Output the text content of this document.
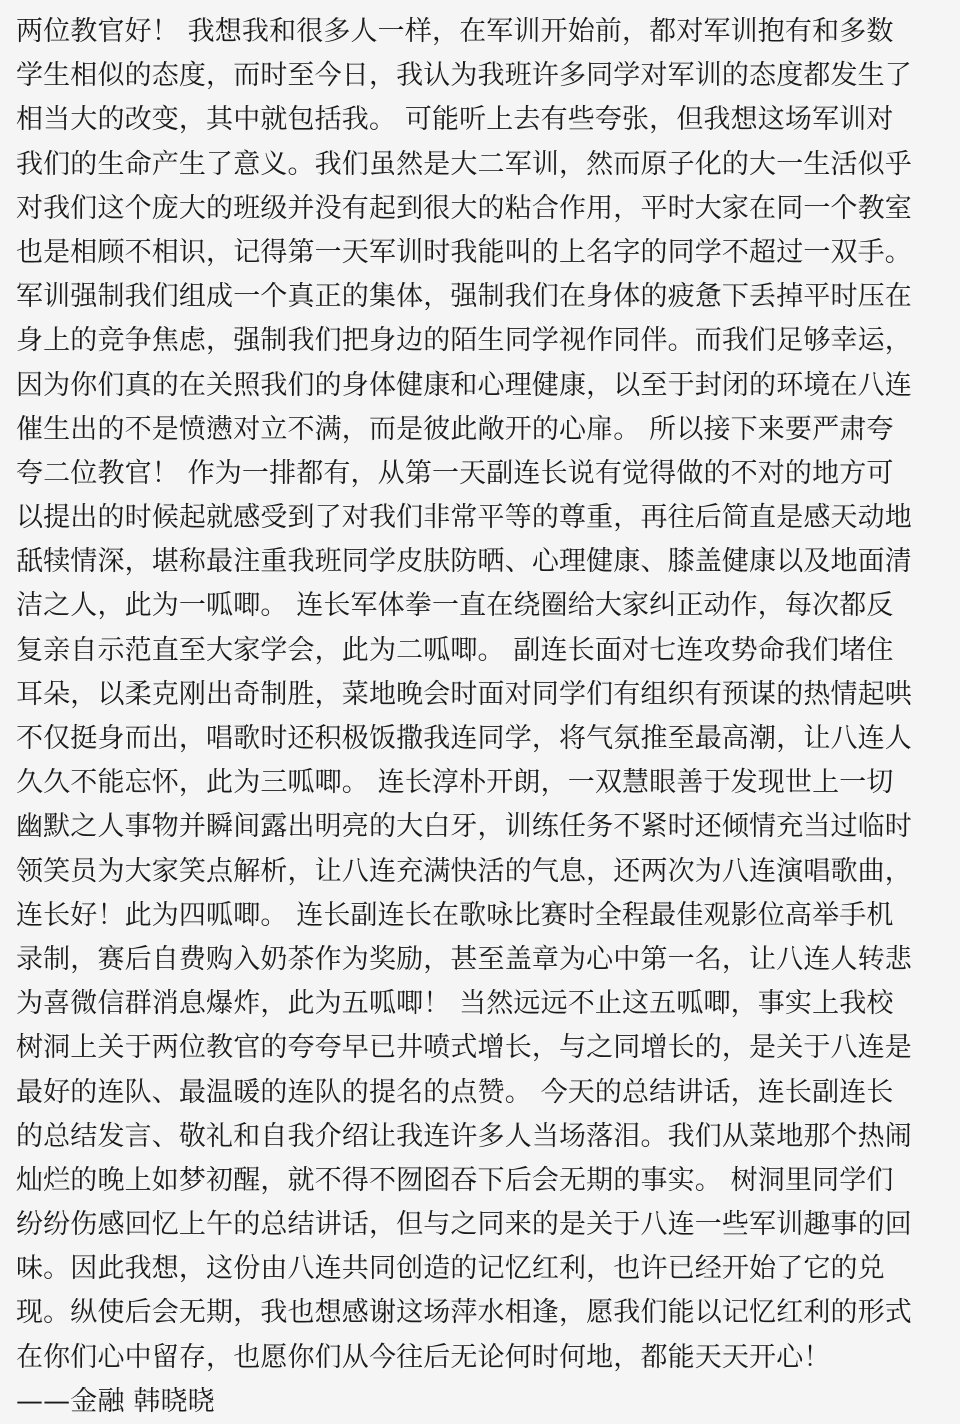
两位教官好！ 我想我和很多人一样，在军训开始前，都对军训抱有和多数
学生相似的态度，而时至今日，我认为我班许多同学对军训的态度都发生了
相当大的改变，其中就包括我。 可能听上去有些夸张，但我想这场军训对
我们的生命产生了意义。我们虽然是大二军训，然而原子化的大一生活似乎
对我们这个庞大的班级并没有起到很大的粘合作用，平时大家在同一个教室
也是相顾不相识，记得第一天军训时我能叫的上名字的同学不超过一双手。
军训强制我们组成一个真正的集体，强制我们在身体的疲惫下丢掉平时压在
身上的竞争焦虑，强制我们把身边的陌生同学视作同伴。而我们足够幸运，
因为你们真的在关照我们的身体健康和心理健康，以至于封闭的环境在八连
催生出的不是愤懑对立不满，而是彼此敞开的心扉。 所以接下来要严肃夸
夸二位教官！ 作为一排都有，从第一天副连长说有觉得做的不对的地方可
以提出的时候起就感受到了对我们非常平等的尊重，再往后简直是感天动地
舐犊情深，堪称最注重我班同学皮肤防晒、心理健康、膝盖健康以及地面清
洁之人，此为一呱唧。 连长军体拳一直在绕圈给大家纠正动作，每次都反
复亲自示范直至大家学会，此为二呱唧。 副连长面对七连攻势命我们堵住
耳朵，以柔克刚出奇制胜，菜地晚会时面对同学们有组织有预谋的热情起哄
不仅挺身而出，唱歌时还积极饭撒我连同学，将气氛推至最高潮，让八连人
久久不能忘怀，此为三呱唧。 连长淳朴开朗，一双慧眼善于发现世上一切
幽默之人事物并瞬间露出明亮的大白牙，训练任务不紧时还倾情充当过临时
领笑员为大家笑点解析，让八连充满快活的气息，还两次为八连演唱歌曲，
连长好！此为四呱唧。 连长副连长在歌咏比赛时全程最佳观影位高举手机
录制，赛后自费购入奶茶作为奖励，甚至盖章为心中第一名，让八连人转悲
为喜微信群消息爆炸，此为五呱唧！ 当然远远不止这五呱唧，事实上我校
树洞上关于两位教官的夸夸早已井喷式增长，与之同增长的，是关于八连是
最好的连队、最温暖的连队的提名的点赞。 今天的总结讲话，连长副连长
的总结发言、敬礼和自我介绍让我连许多人当场落泪。我们从菜地那个热闹
灿烂的晚上如梦初醒，就不得不囫囵吞下后会无期的事实。 树洞里同学们
纷纷伤感回忆上午的总结讲话，但与之同来的是关于八连一些军训趣事的回
味。因此我想，这份由八连共同创造的记忆红利，也许已经开始了它的兑
现。纵使后会无期，我也想感谢这场萍水相逢，愿我们能以记忆红利的形式
在你们心中留存，也愿你们从今往后无论何时何地，都能天天开心！
——金融 韩晓晓
